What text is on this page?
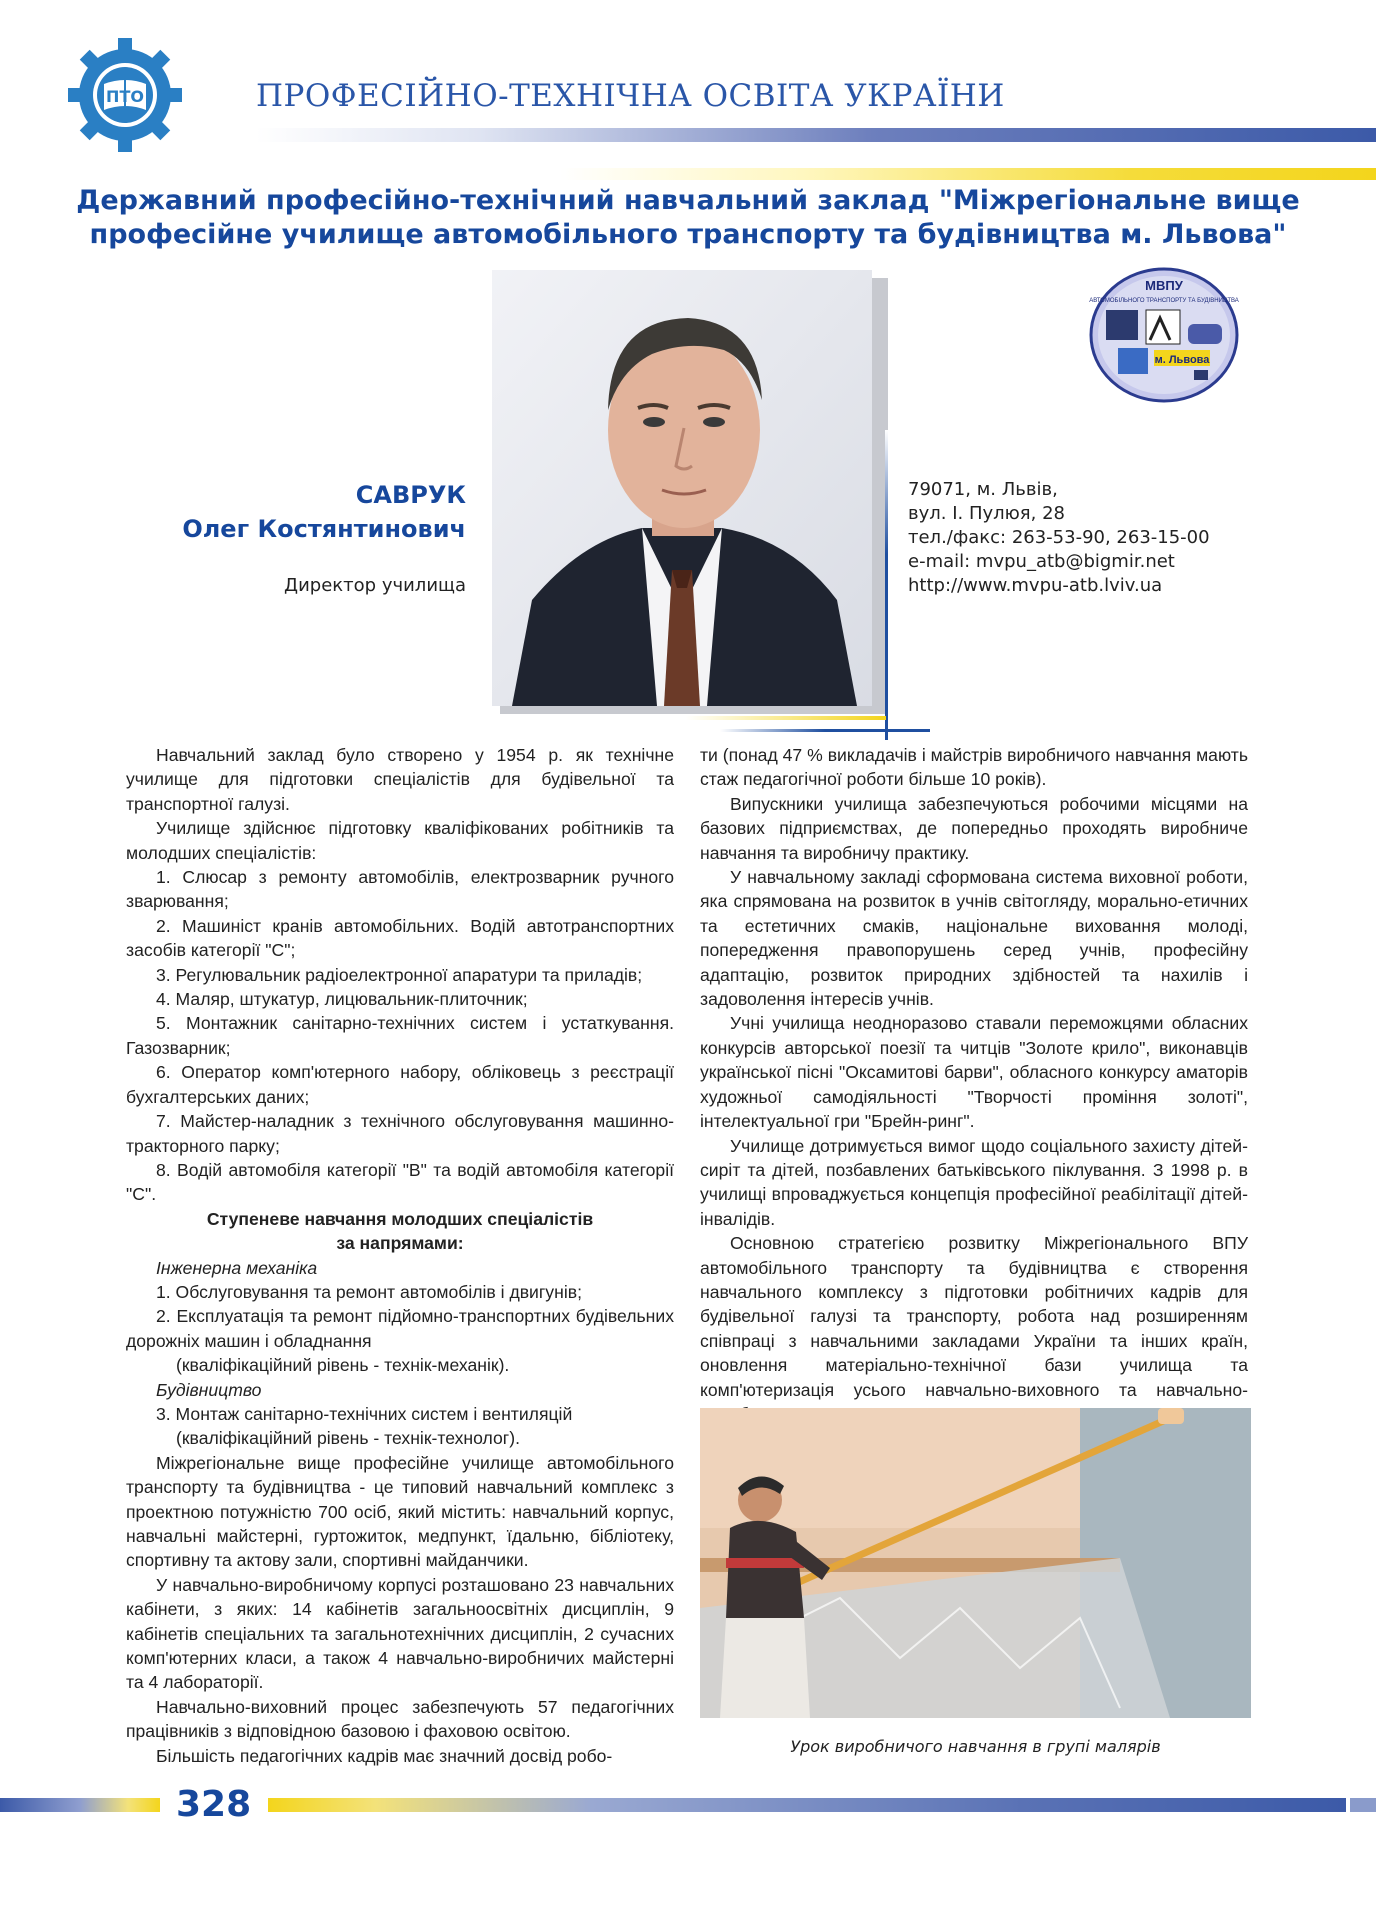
ПТО	ПРОФЕСІЙНО-ТЕХНІЧНА ОСВІТА УКРАЇНИ
Державний професійно-технічний навчальний заклад "Міжрегіональне вище
професійне училище автомобільного транспорту та будівництва м. Львова"
МВПУ
АВТОМОБІЛЬНОГО ТРАНСПОРТУ ТА БУДІВНИЦТВА
м. Львова
САВРУК
Олег Костянтинович
Директор училища
79071, м. Львів,
вул. І. Пулюя, 28
тел./факс: 263-53-90, 263-15-00
e-mail: mvpu_atb@bigmir.net
http://www.mvpu-atb.lviv.ua

Навчальний заклад було створено у 1954 р. як технічне училище для підготовки спеціалістів для будівельної та транспортної галузі.

Училище здійснює підготовку кваліфікованих робітників та молодших спеціалістів:

1. Слюсар з ремонту автомобілів, електрозварник ручного зварювання;

2. Машиніст кранів автомобільних. Водій автотранспортних засобів категорії "С";

3. Регулювальник радіоелектронної апаратури та приладів;

4. Маляр, штукатур, лицювальник-плиточник;

5. Монтажник санітарно-технічних систем і устаткування. Газозварник;

6. Оператор комп'ютерного набору, обліковець з реєстрації бухгалтерських даних;

7. Майстер-наладник з технічного обслуговування машинно-тракторного парку;

8. Водій автомобіля категорії "В" та водій автомобіля категорії "С".

Ступеневе навчання молодших спеціалістів

за напрямами:

Інженерна механіка

1. Обслуговування та ремонт автомобілів і двигунів;

2. Експлуатація та ремонт підйомно-транспортних будівельних дорожніх машин і обладнання

(кваліфікаційний рівень - технік-механік).

Будівництво

3. Монтаж санітарно-технічних систем і вентиляцій

(кваліфікаційний рівень - технік-технолог).

Міжрегіональне вище професійне училище автомобільного транспорту та будівництва - це типовий навчальний комплекс з проектною потужністю 700 осіб, який містить: навчальний корпус, навчальні майстерні, гуртожиток, медпункт, їдальню, бібліотеку, спортивну та актову зали, спортивні майданчики.

У навчально-виробничому корпусі розташовано 23 навчальних кабінети, з яких: 14 кабінетів загальноосвітніх дисциплін, 9 кабінетів спеціальних та загальнотехнічних дисциплін, 2 сучасних комп'ютерних класи, а також 4 навчально-виробничих майстерні та 4 лабораторії.

Навчально-виховний процес забезпечують 57 педагогічних працівників з відповідною базовою і фаховою освітою.

Більшість педагогічних кадрів має значний досвід робо-

ти (понад 47 % викладачів і майстрів виробничого навчання мають стаж педагогічної роботи більше 10 років).

Випускники училища забезпечуються робочими місцями на базових підприємствах, де попередньо проходять виробниче навчання та виробничу практику.

У навчальному закладі сформована система виховної роботи, яка спрямована на розвиток в учнів світогляду, морально-етичних та естетичних смаків, національне виховання молоді, попередження правопорушень серед учнів, професійну адаптацію, розвиток природних здібностей та нахилів і задоволення інтересів учнів.

Учні училища неодноразово ставали переможцями обласних конкурсів авторської поезії та читців "Золоте крило", виконавців української пісні "Оксамитові барви", обласного конкурсу аматорів художньої самодіяльності "Творчості проміння золоті", інтелектуальної гри "Брейн-ринг".

Училище дотримується вимог щодо соціального захисту дітей-сиріт та дітей, позбавлених батьківського піклування. З 1998 р. в училищі впроваджується концепція професійної реабілітації дітей-інвалідів.

Основною стратегією розвитку Міжрегіонального ВПУ автомобільного транспорту та будівництва є створення навчального комплексу з підготовки робітничих кадрів для будівельної галузі та транспорту, робота над розширенням співпраці з навчальними закладами України та інших країн, оновлення матеріально-технічної бази училища та комп'ютеризація усього навчально-виховного та навчально-

Урок виробничого навчання в групі малярів
328
